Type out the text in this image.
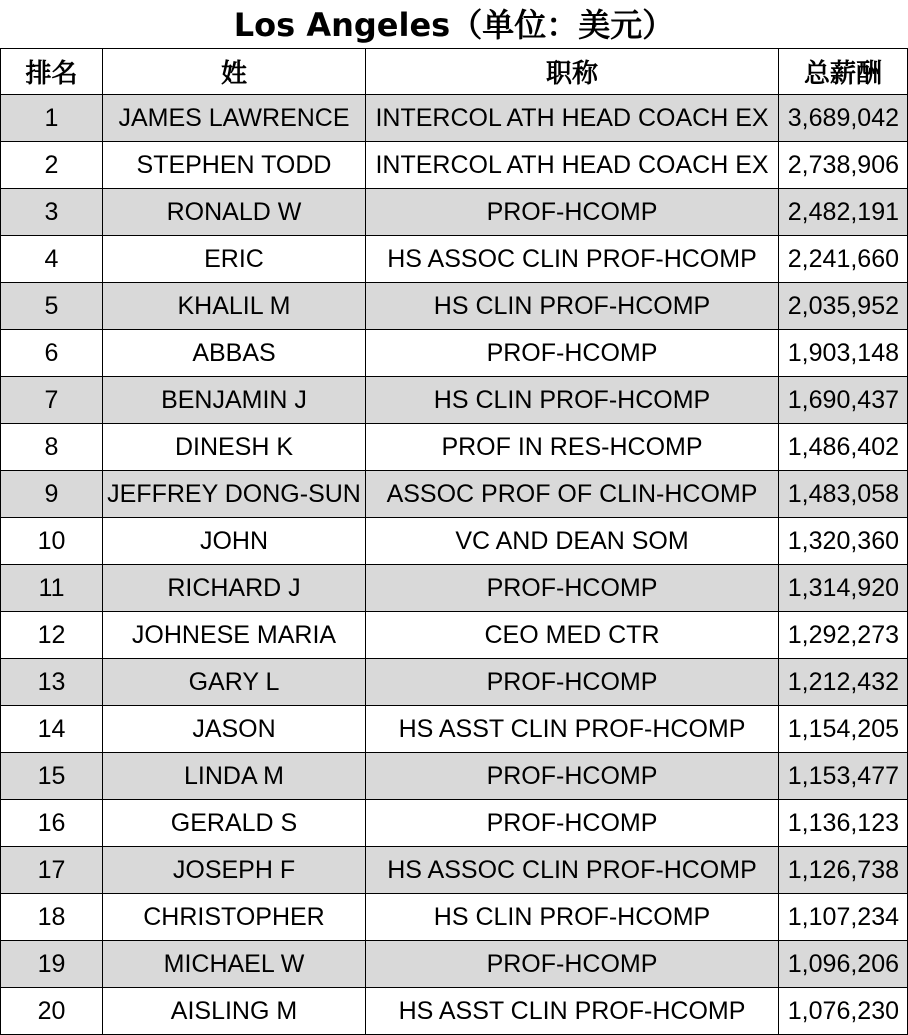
Los Angeles（单位：美元）
排名	姓	职称	总薪酬
1	JAMES LAWRENCE	INTERCOL ATH HEAD COACH EX	3,689,042
2	STEPHEN TODD	INTERCOL ATH HEAD COACH EX	2,738,906
3	RONALD W	PROF-HCOMP	2,482,191
4	ERIC	HS ASSOC CLIN PROF-HCOMP	2,241,660
5	KHALIL M	HS CLIN PROF-HCOMP	2,035,952
6	ABBAS	PROF-HCOMP	1,903,148
7	BENJAMIN J	HS CLIN PROF-HCOMP	1,690,437
8	DINESH K	PROF IN RES-HCOMP	1,486,402
9	JEFFREY DONG-SUN	ASSOC PROF OF CLIN-HCOMP	1,483,058
10	JOHN	VC AND DEAN SOM	1,320,360
11	RICHARD J	PROF-HCOMP	1,314,920
12	JOHNESE MARIA	CEO MED CTR	1,292,273
13	GARY L	PROF-HCOMP	1,212,432
14	JASON	HS ASST CLIN PROF-HCOMP	1,154,205
15	LINDA M	PROF-HCOMP	1,153,477
16	GERALD S	PROF-HCOMP	1,136,123
17	JOSEPH F	HS ASSOC CLIN PROF-HCOMP	1,126,738
18	CHRISTOPHER	HS CLIN PROF-HCOMP	1,107,234
19	MICHAEL W	PROF-HCOMP	1,096,206
20	AISLING M	HS ASST CLIN PROF-HCOMP	1,076,230
